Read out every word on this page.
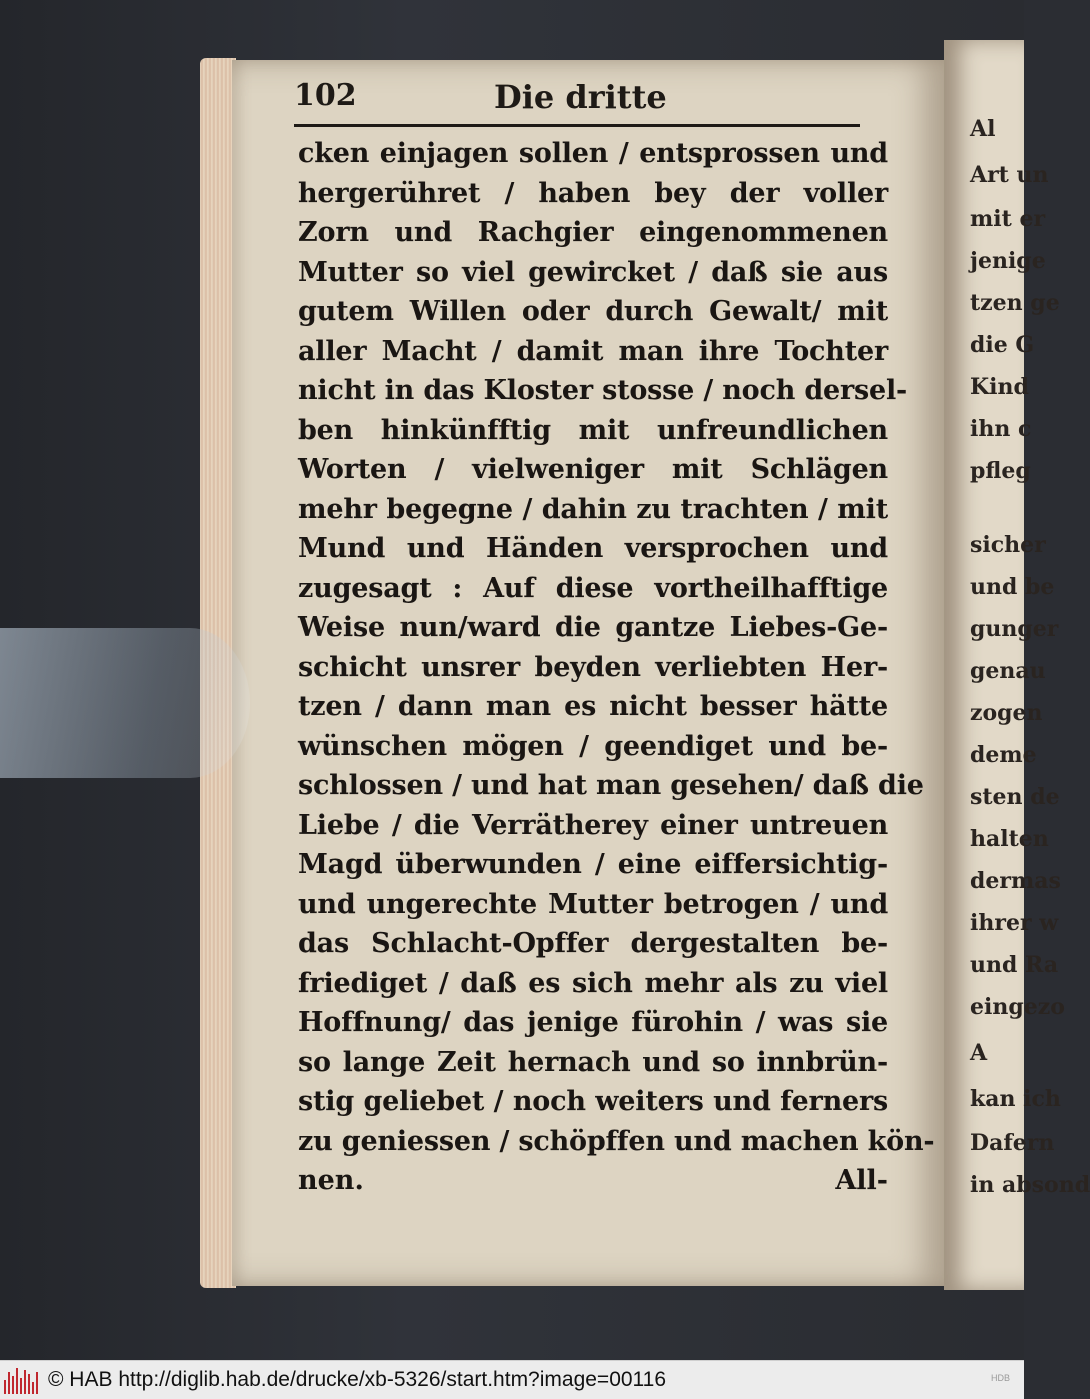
102	Die dritte
cken einjagen sollen / entsprossen und
hergerühret / haben bey der voller
Zorn und Rachgier eingenommenen
Mutter so viel gewircket / daß sie aus
gutem Willen oder durch Gewalt/ mit
aller Macht / damit man ihre Tochter
nicht in das Kloster stosse / noch dersel-
ben hinkünfftig mit unfreundlichen
Worten / vielweniger mit Schlägen
mehr begegne / dahin zu trachten / mit
Mund und Händen versprochen und
zugesagt : Auf diese vortheilhafftige
Weise nun/ward die gantze Liebes-Ge-
schicht unsrer beyden verliebten Her-
tzen / dann man es nicht besser hätte
wünschen mögen / geendiget und be-
schlossen / und hat man gesehen/ daß die
Liebe / die Verrätherey einer untreuen
Magd überwunden / eine eiffersichtig-
und ungerechte Mutter betrogen / und
das Schlacht-Opffer dergestalten be-
friediget / daß es sich mehr als zu viel
Hoffnung/ das jenige fürohin / was sie
so lange Zeit hernach und so innbrün-
stig geliebet / noch weiters und ferners
zu geniessen / schöpffen und machen kön-
nen.	All-
Al
Art un
mit er
jenige
tzen ge
die G
Kind
ihn c
pfleg
sicher
und be
gunger
genau
zogen
deme
sten de
halten
dermas
ihrer w
und Ra
eingezo
A
kan ich
Dafern
in absond
© HAB http://diglib.hab.de/drucke/xb-5326/start.htm?image=00116	HDB
